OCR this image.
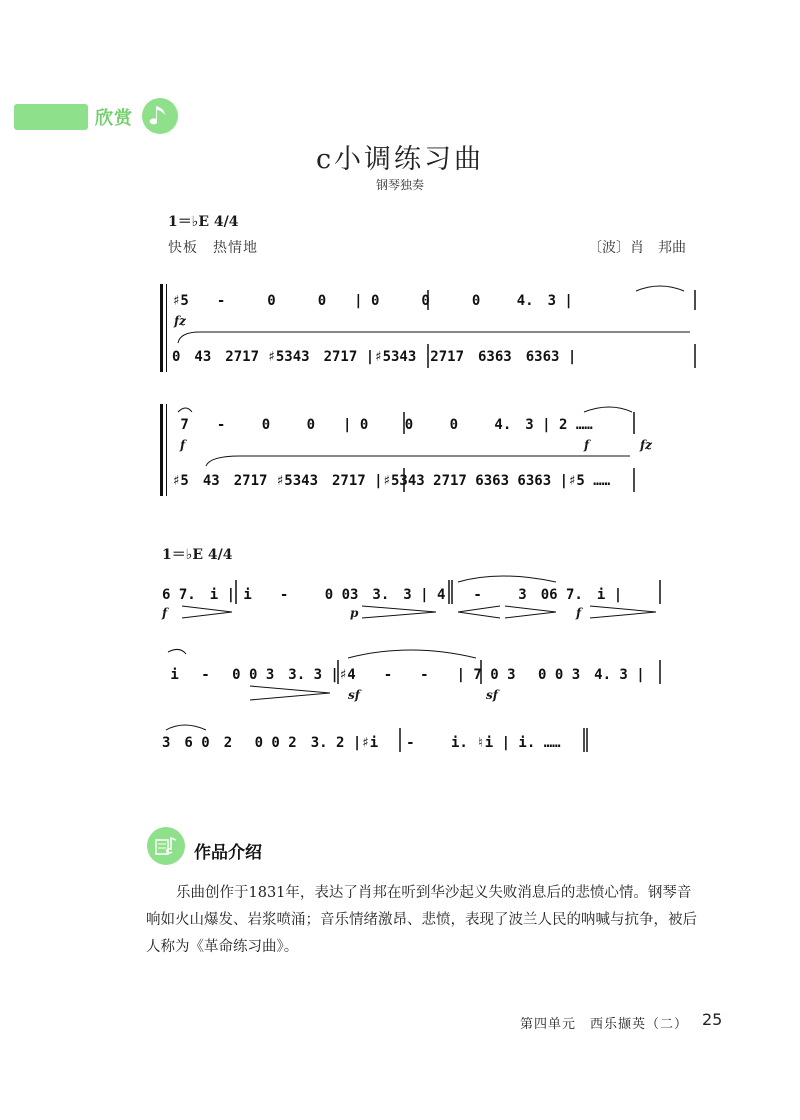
欣赏
c小调练习曲
钢琴独奏
1＝♭E 4/4
快板　热情地	〔波〕肖　邦曲
♯5　　-　　　0　　　0　　| 0　　　0　　　0　　 4.　3 |
fz
0　43　2717 ♯5343　2717 |♯5343　2717　6363　6363 |
7　　-　　 0　　 0　　| 0　　 0　　 0　　 4.　3 | 2 ……
f	f	fz
♯5　43　2717 ♯5343　2717 |♯5343 2717 6363 6363 |♯5 ……
1＝♭E 4/4
6 7.　i | i　　-　　 0 03　3.　3 | 4　　-　　 3　06 7.　i |
f	p	f
i　 -　 0 0 3　3. 3 |♯4　　-　　-　　| 7 0 3　 0 0 3　4. 3 |
sf	sf
3　6 0　2　 0 0 2　3. 2 |♯i　　-　　 i. ♮i | i. ……
作品介绍
乐曲创作于1831年，表达了肖邦在听到华沙起义失败消息后的悲愤心情。钢琴音响如火山爆发、岩浆喷涌；音乐情绪激昂、悲愤，表现了波兰人民的呐喊与抗争，被后人称为《革命练习曲》。
第四单元　西乐撷英（二） 25
